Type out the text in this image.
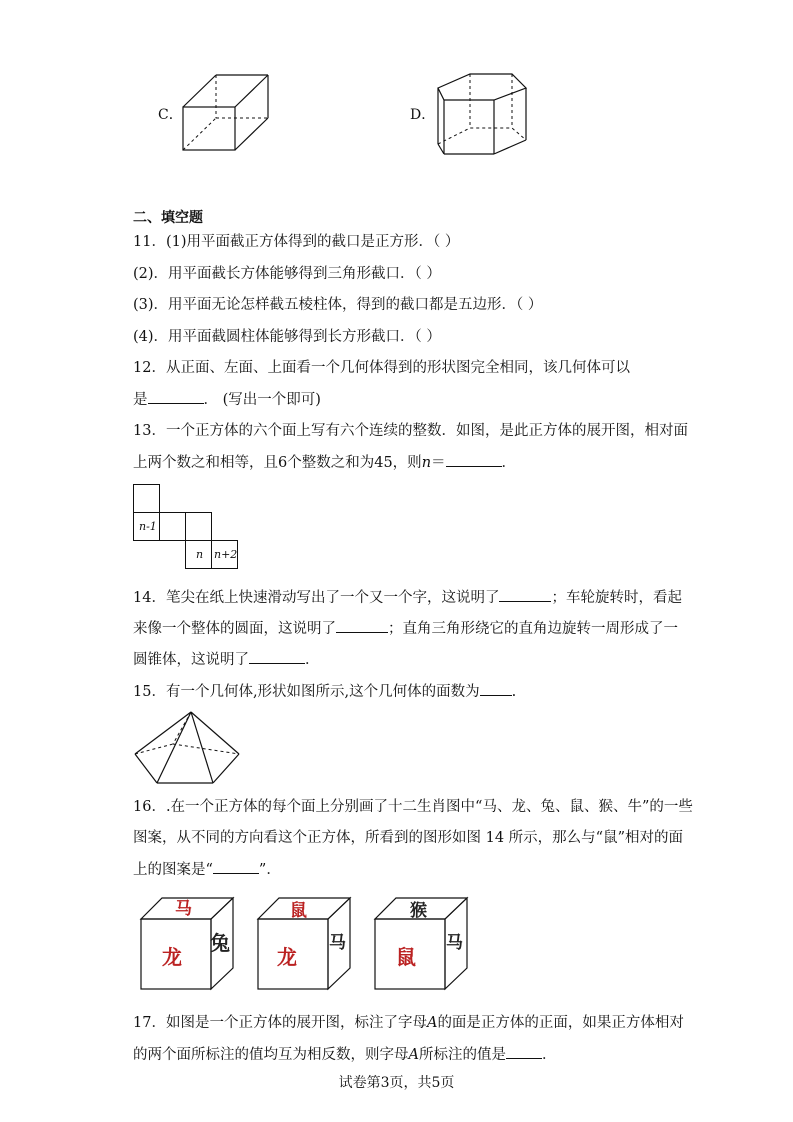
C．	D．
二、填空题
11．(1)用平面截正方体得到的截口是正方形．（ ）
(2)．用平面截长方体能够得到三角形截口．（ ）
(3)．用平面无论怎样截五棱柱体，得到的截口都是五边形．（ ）
(4)．用平面截圆柱体能够得到长方形截口．（ ）
12．从正面、左面、上面看一个几何体得到的形状图完全相同，该几何体可以
是	． (写出一个即可)
13．一个正方体的六个面上写有六个连续的整数．如图，是此正方体的展开图，相对面
上两个数之和相等，且6个整数之和为45，则n＝	．
n-1
n n+2
14．笔尖在纸上快速滑动写出了一个又一个字，这说明了	；车轮旋转时，看起
来像一个整体的圆面，这说明了	；直角三角形绕它的直角边旋转一周形成了一
圆锥体，这说明了	．
15．有一个几何体,形状如图所示,这个几何体的面数为 .
16．.在一个正方体的每个面上分别画了十二生肖图中“马、龙、兔、鼠、猴、牛”的一些
图案，从不同的方向看这个正方体，所看到的图形如图 14 所示，那么与“鼠”相对的面
上的图案是“	”．
马
龙
兔
鼠
龙
马
猴
鼠
马
17．如图是一个正方体的展开图，标注了字母A的面是正方体的正面，如果正方体相对
的两个面所标注的值均互为相反数，则字母A所标注的值是 ．
试卷第3页，共5页
